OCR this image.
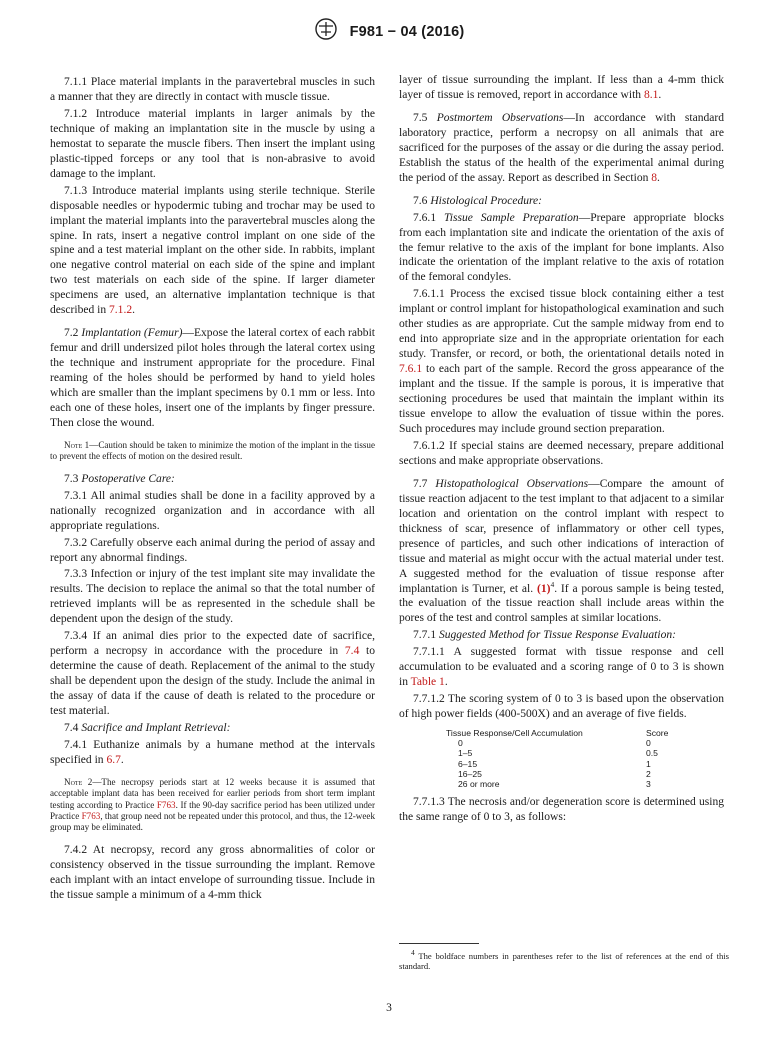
F981 − 04 (2016)

7.1.1 Place material implants in the paravertebral muscles in such a manner that they are directly in contact with muscle tissue.

7.1.2 Introduce material implants in larger animals by the technique of making an implantation site in the muscle by using a hemostat to separate the muscle fibers. Then insert the implant using plastic-tipped forceps or any tool that is non-abrasive to avoid damage to the implant.

7.1.3 Introduce material implants using sterile technique. Sterile disposable needles or hypodermic tubing and trochar may be used to implant the material implants into the paravertebral muscles along the spine. In rats, insert a negative control implant on one side of the spine and a test material implant on the other side. In rabbits, implant one negative control material on each side of the spine and implant two test materials on each side of the spine. If larger diameter specimens are used, an alternative implantation technique is that described in 7.1.2.

7.2 Implantation (Femur)—Expose the lateral cortex of each rabbit femur and drill undersized pilot holes through the lateral cortex using the technique and instrument appropriate for the procedure. Final reaming of the holes should be performed by hand to yield holes which are smaller than the implant specimens by 0.1 mm or less. Into each one of these holes, insert one of the implants by finger pressure. Then close the wound.

Note 1—Caution should be taken to minimize the motion of the implant in the tissue to prevent the effects of motion on the desired result.

7.3 Postoperative Care:

7.3.1 All animal studies shall be done in a facility approved by a nationally recognized organization and in accordance with all appropriate regulations.

7.3.2 Carefully observe each animal during the period of assay and report any abnormal findings.

7.3.3 Infection or injury of the test implant site may invalidate the results. The decision to replace the animal so that the total number of retrieved implants will be as represented in the schedule shall be dependent upon the design of the study.

7.3.4 If an animal dies prior to the expected date of sacrifice, perform a necropsy in accordance with the procedure in 7.4 to determine the cause of death. Replacement of the animal to the study shall be dependent upon the design of the study. Include the animal in the assay of data if the cause of death is related to the procedure or test material.

7.4 Sacrifice and Implant Retrieval:

7.4.1 Euthanize animals by a humane method at the intervals specified in 6.7.

Note 2—The necropsy periods start at 12 weeks because it is assumed that acceptable implant data has been received for earlier periods from short term implant testing according to Practice F763. If the 90-day sacrifice period has been utilized under Practice F763, that group need not be repeated under this protocol, and thus, the 12-week group may be eliminated.

7.4.2 At necropsy, record any gross abnormalities of color or consistency observed in the tissue surrounding the implant. Remove each implant with an intact envelope of surrounding tissue. Include in the tissue sample a minimum of a 4-mm thick

layer of tissue surrounding the implant. If less than a 4-mm thick layer of tissue is removed, report in accordance with 8.1.

7.5 Postmortem Observations—In accordance with standard laboratory practice, perform a necropsy on all animals that are sacrificed for the purposes of the assay or die during the assay period. Establish the status of the health of the experimental animal during the period of the assay. Report as described in Section 8.

7.6 Histological Procedure:

7.6.1 Tissue Sample Preparation—Prepare appropriate blocks from each implantation site and indicate the orientation of the axis of the femur relative to the axis of the implant for bone implants. Also indicate the orientation of the implant relative to the axis of rotation of the femoral condyles.

7.6.1.1 Process the excised tissue block containing either a test implant or control implant for histopathological examination and such other studies as are appropriate. Cut the sample midway from end to end into appropriate size and in the appropriate orientation for each study. Transfer, or record, or both, the orientational details noted in 7.6.1 to each part of the sample. Record the gross appearance of the implant and the tissue. If the sample is porous, it is imperative that sectioning procedures be used that maintain the implant within its tissue envelope to allow the evaluation of tissue within the pores. Such procedures may include ground section preparation.

7.6.1.2 If special stains are deemed necessary, prepare additional sections and make appropriate observations.

7.7 Histopathological Observations—Compare the amount of tissue reaction adjacent to the test implant to that adjacent to a similar location and orientation on the control implant with respect to thickness of scar, presence of inflammatory or other cell types, presence of particles, and such other indications of interaction of tissue and material as might occur with the actual material under test. A suggested method for the evaluation of tissue response after implantation is Turner, et al. $(1)^4$. If a porous sample is being tested, the evaluation of the tissue reaction shall include areas within the pores of the test and control samples at similar locations.

7.7.1 Suggested Method for Tissue Response Evaluation:

7.7.1.1 A suggested format with tissue response and cell accumulation to be evaluated and a scoring range of 0 to 3 is shown in Table 1.

7.7.1.2 The scoring system of 0 to 3 is based upon the observation of high power fields (400-500X) and an average of five fields.

Tissue Response/Cell Accumulation	Score
0	0
1–5	0.5
6–15	1
16–25	2
26 or more	3

7.7.1.3 The necrosis and/or degeneration score is determined using the same range of 0 to 3, as follows:

$^4$ The boldface numbers in parentheses refer to the list of references at the end of this standard.
3
